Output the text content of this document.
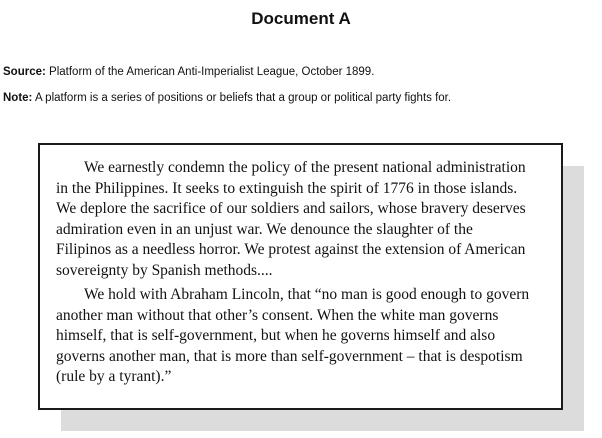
Document A
Source: Platform of the American Anti-Imperialist League, October 1899.
Note: A platform is a series of positions or beliefs that a group or political party fights for.
We earnestly condemn the policy of the present national administration
in the Philippines. It seeks to extinguish the spirit of 1776 in those islands.
We deplore the sacrifice of our soldiers and sailors, whose bravery deserves
admiration even in an unjust war. We denounce the slaughter of the
Filipinos as a needless horror. We protest against the extension of American
sovereignty by Spanish methods....
We hold with Abraham Lincoln, that “no man is good enough to govern
another man without that other’s consent. When the white man governs
himself, that is self-government, but when he governs himself and also
governs another man, that is more than self-government – that is despotism
(rule by a tyrant).”
